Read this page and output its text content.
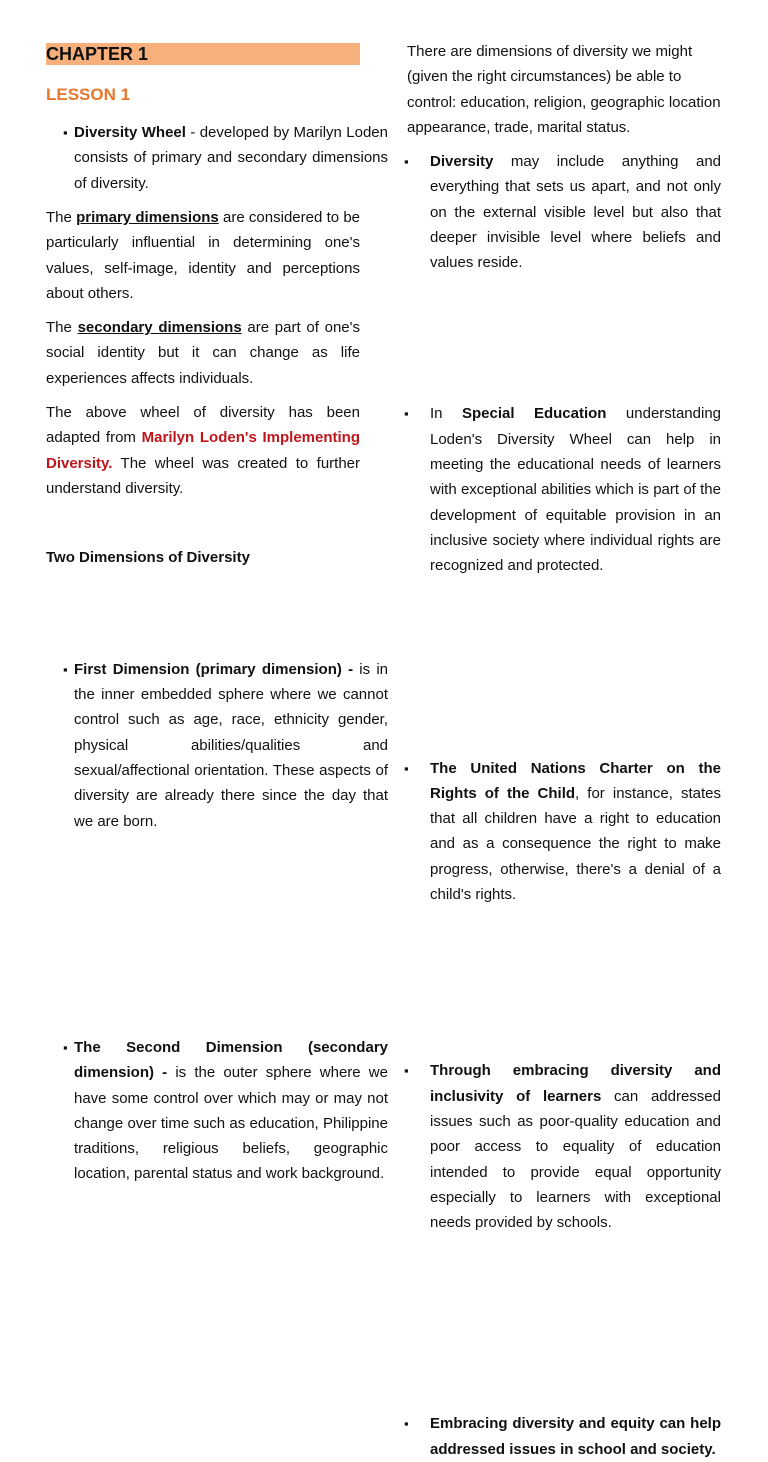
CHAPTER 1
LESSON 1
▪ Diversity Wheel - developed by Marilyn Loden consists of primary and secondary dimensions of diversity.

The primary dimensions are considered to be particularly influential in determining one's values, self-image, identity and perceptions about others.

The secondary dimensions are part of one's social identity but it can change as life experiences affects individuals.

The above wheel of diversity has been adapted from Marilyn Loden's Implementing Diversity. The wheel was created to further understand diversity.

Two Dimensions of Diversity
▪ First Dimension (primary dimension) - is in the inner embedded sphere where we cannot control such as age, race, ethnicity gender, physical abilities/qualities and sexual/affectional orientation. These aspects of diversity are already there since the day that we are born.

▪ The Second Dimension (secondary dimension) - is the outer sphere where we have some control over which may or may not change over time such as education, Philippine traditions, religious beliefs, geographic location, parental status and work background.

There are dimensions of diversity we might (given the right circumstances) be able to control: education, religion, geographic location appearance, trade, marital status.

▪ Diversity may include anything and everything that sets us apart, and not only on the external visible level but also that deeper invisible level where beliefs and values reside.

▪ In Special Education understanding Loden's Diversity Wheel can help in meeting the educational needs of learners with exceptional abilities which is part of the development of equitable provision in an inclusive society where individual rights are recognized and protected.

▪ The United Nations Charter on the Rights of the Child, for instance, states that all children have a right to education and as a consequence the right to make progress, otherwise, there's a denial of a child's rights.

▪ Through embracing diversity and inclusivity of learners can addressed issues such as poor-quality education and poor access to equality of education intended to provide equal opportunity especially to learners with exceptional needs provided by schools.

▪ Embracing diversity and equity can help addressed issues in school and society.
